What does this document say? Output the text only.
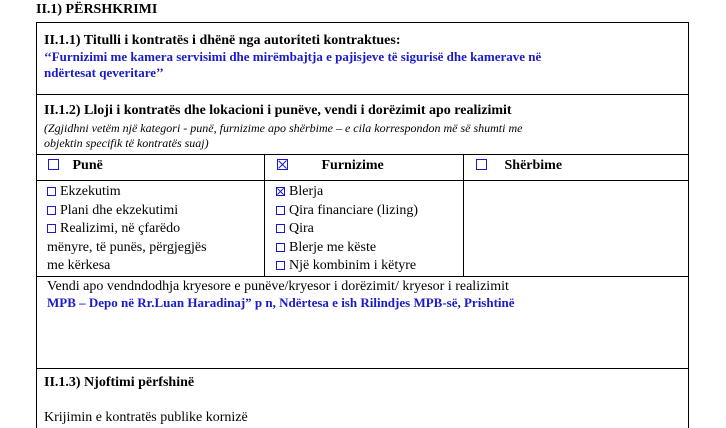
II.1) PËRSHKRIMI
II.1.1) Titulli i kontratës i dhënë nga autoriteti kontraktues:
‘‘Furnizimi me kamera servisimi dhe mirëmbajtja e pajisjeve të sigurisë dhe kamerave në
ndërtesat qeveritare’’
II.1.2) Lloji i kontratës dhe lokacioni i punëve, vendi i dorëzimit apo realizimit
(Zgjidhni vetëm një kategori - punë, furnizime apo shërbime – e cila korrespondon më së shumti me
objektin specifik të kontratës suaj)
Punë	Furnizime	Shërbime
Ekzekutim
Plani dhe ekzekutimi
Realizimi, në çfarëdo
mënyre, të punës, përgjegjës
me kërkesa
Blerja
Qira financiare (lizing)
Qira
Blerje me këste
Një kombinim i këtyre
Vendi apo vendndodhja kryesore e punëve/kryesor i dorëzimit/ kryesor i realizimit
MPB – Depo në Rr.Luan Haradinaj” p n, Ndërtesa e ish Rilindjes MPB-së, Prishtinë
II.1.3) Njoftimi përfshinë
Krijimin e kontratës publike kornizë
